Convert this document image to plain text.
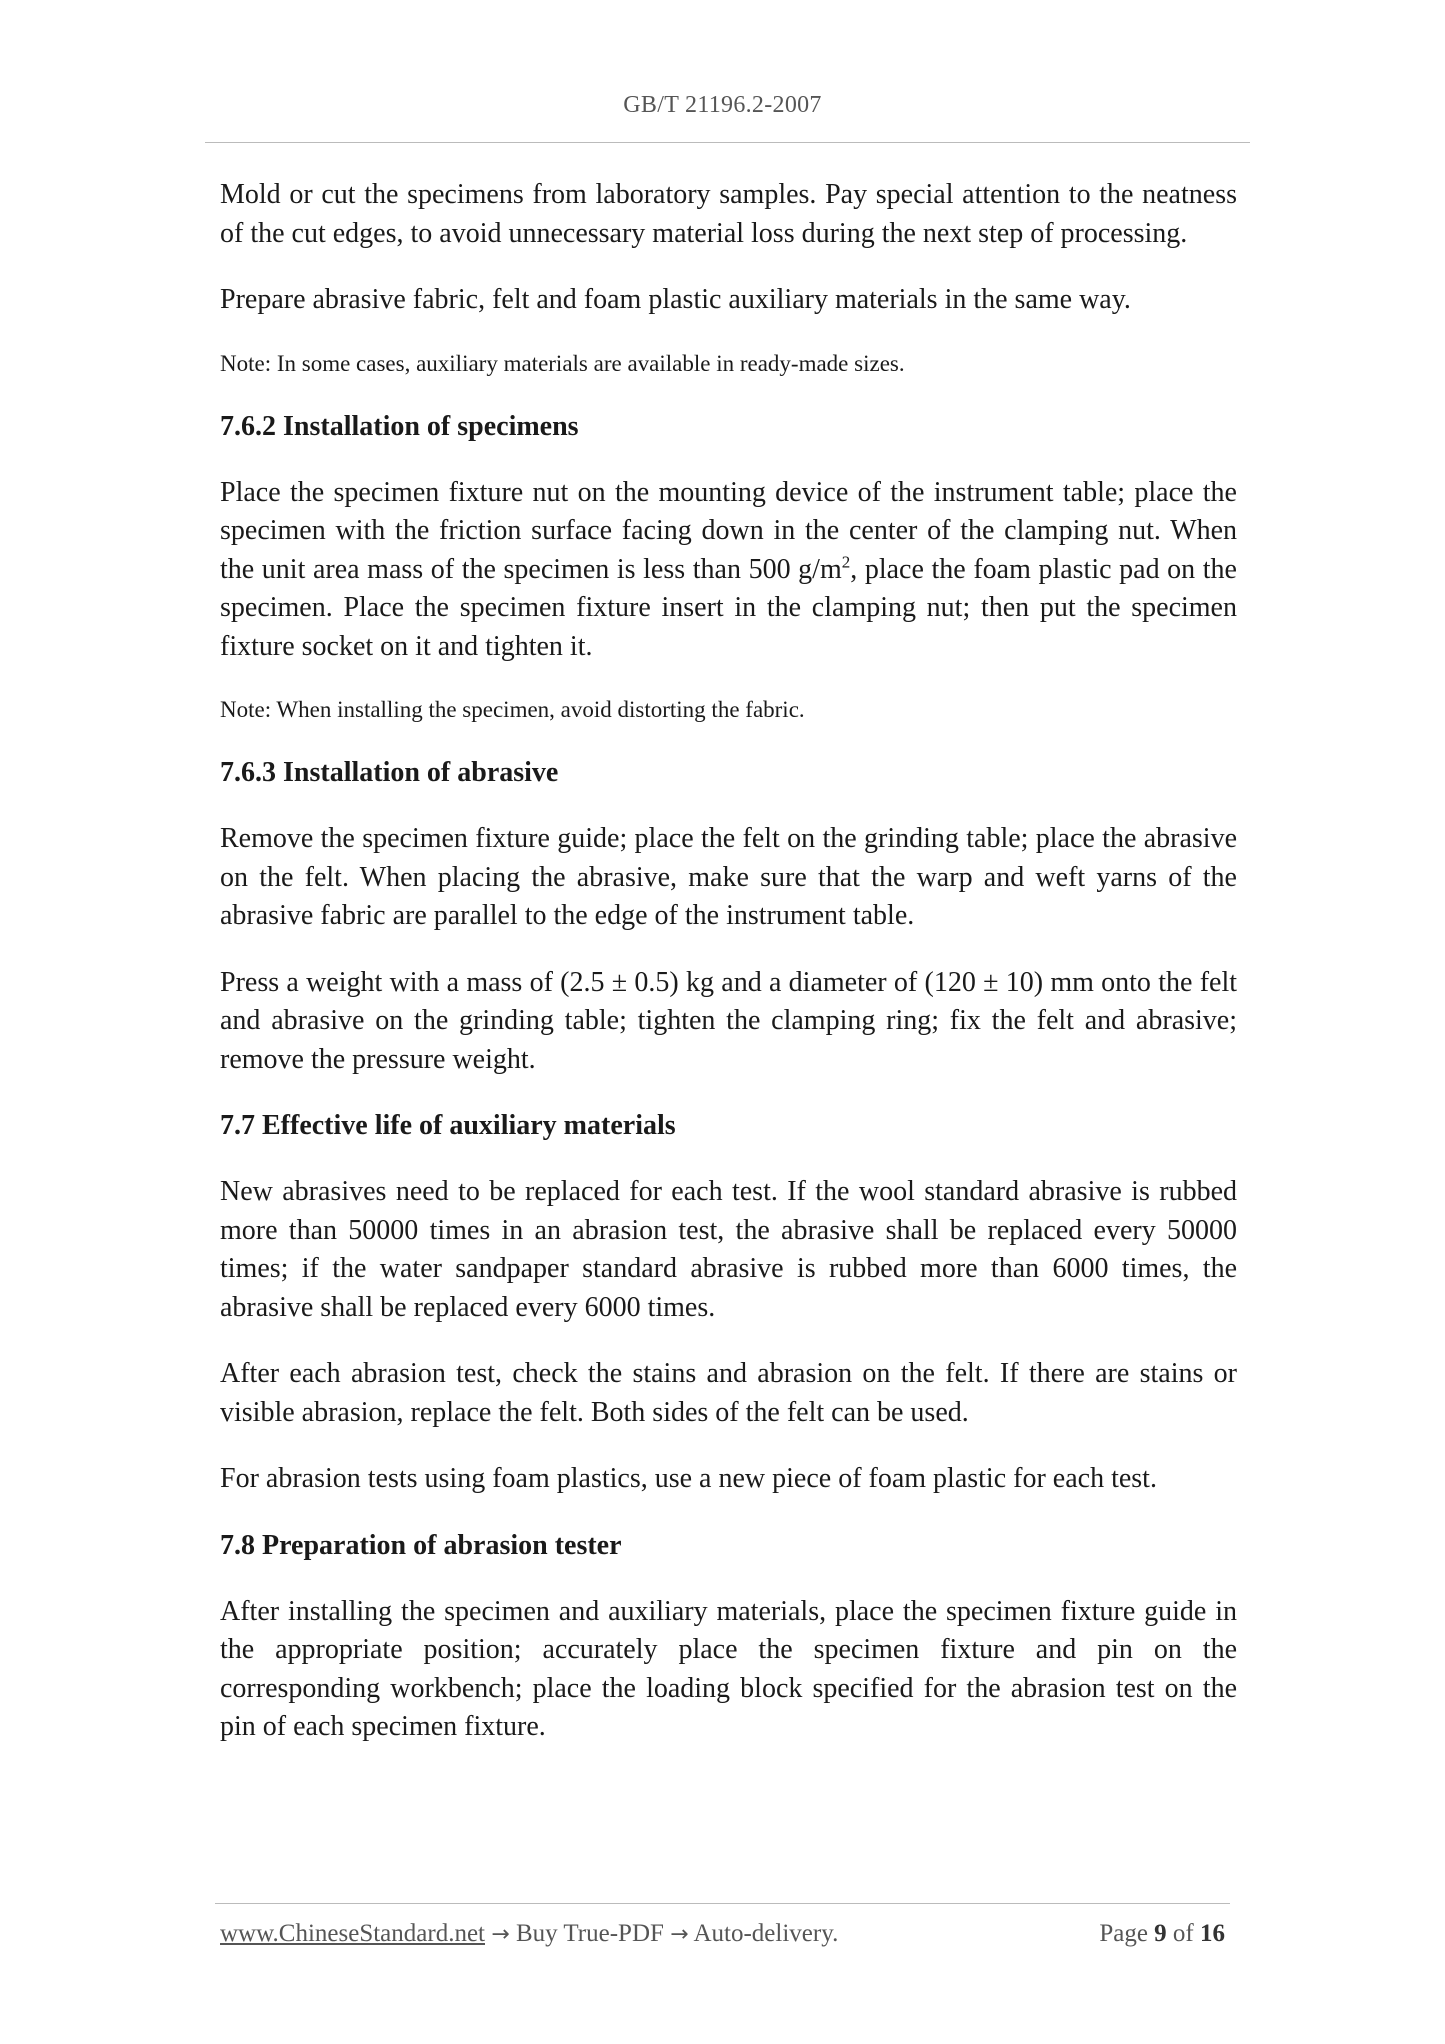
GB/T 21196.2-2007

Mold or cut the specimens from laboratory samples. Pay special attention to the neatness of the cut edges, to avoid unnecessary material loss during the next step of processing.

Prepare abrasive fabric, felt and foam plastic auxiliary materials in the same way.

Note: In some cases, auxiliary materials are available in ready-made sizes.

7.6.2 Installation of specimens

Place the specimen fixture nut on the mounting device of the instrument table; place the specimen with the friction surface facing down in the center of the clamping nut. When the unit area mass of the specimen is less than 500 $g/m^2$, place the foam plastic pad on the specimen. Place the specimen fixture insert in the clamping nut; then put the specimen fixture socket on it and tighten it.

Note: When installing the specimen, avoid distorting the fabric.

7.6.3 Installation of abrasive

Remove the specimen fixture guide; place the felt on the grinding table; place the abrasive on the felt. When placing the abrasive, make sure that the warp and weft yarns of the abrasive fabric are parallel to the edge of the instrument table.

Press a weight with a mass of (2.5 ± 0.5) kg and a diameter of (120 ± 10) mm onto the felt and abrasive on the grinding table; tighten the clamping ring; fix the felt and abrasive; remove the pressure weight.

7.7 Effective life of auxiliary materials

New abrasives need to be replaced for each test. If the wool standard abrasive is rubbed more than 50000 times in an abrasion test, the abrasive shall be replaced every 50000 times; if the water sandpaper standard abrasive is rubbed more than 6000 times, the abrasive shall be replaced every 6000 times.

After each abrasion test, check the stains and abrasion on the felt. If there are stains or visible abrasion, replace the felt. Both sides of the felt can be used.

For abrasion tests using foam plastics, use a new piece of foam plastic for each test.

7.8 Preparation of abrasion tester

After installing the specimen and auxiliary materials, place the specimen fixture guide in the appropriate position; accurately place the specimen fixture and pin on the corresponding workbench; place the loading block specified for the abrasion test on the pin of each specimen fixture.

www.ChineseStandard.net → Buy True-PDF → Auto-delivery.	Page 9 of 16
